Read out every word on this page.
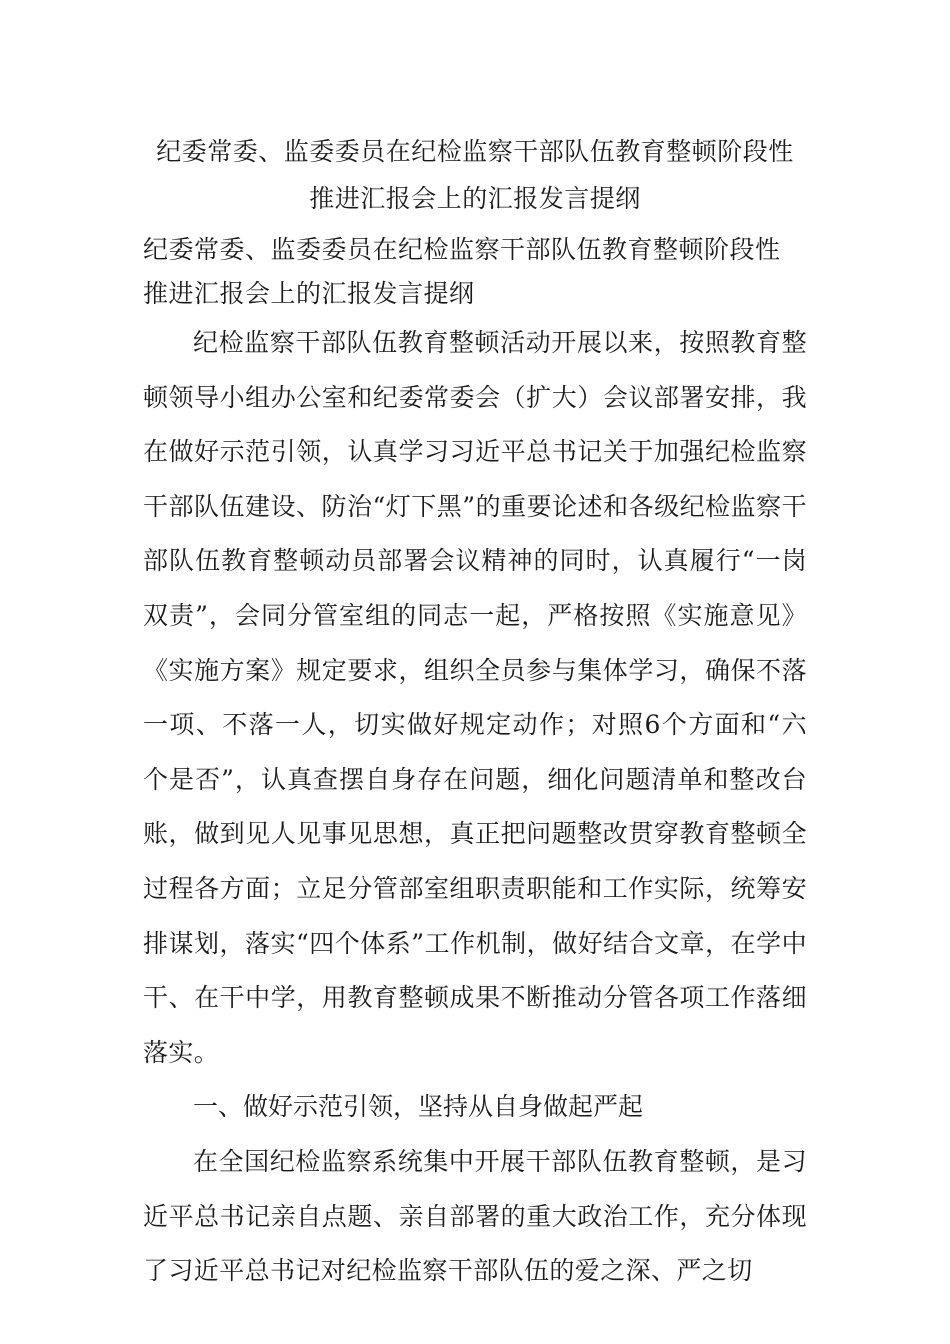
纪委常委、监委委员在纪检监察干部队伍教育整顿阶段性
推进汇报会上的汇报发言提纲
纪委常委、监委委员在纪检监察干部队伍教育整顿阶段性
推进汇报会上的汇报发言提纲

纪检监察干部队伍教育整顿活动开展以来，按照教育整顿领导小组办公室和纪委常委会（扩大）会议部署安排，我在做好示范引领，认真学习习近平总书记关于加强纪检监察干部队伍建设、防治“灯下黑”的重要论述和各级纪检监察干部队伍教育整顿动员部署会议精神的同时，认真履行“一岗双责”，会同分管室组的同志一起，严格按照《实施意见》《实施方案》规定要求，组织全员参与集体学习，确保不落一项、不落一人，切实做好规定动作；对照6个方面和“六个是否”，认真查摆自身存在问题，细化问题清单和整改台账，做到见人见事见思想，真正把问题整改贯穿教育整顿全过程各方面；立足分管部室组职责职能和工作实际，统筹安排谋划，落实“四个体系”工作机制，做好结合文章，在学中干、在干中学，用教育整顿成果不断推动分管各项工作落细落实。

一、做好示范引领，坚持从自身做起严起

在全国纪检监察系统集中开展干部队伍教育整顿，是习近平总书记亲自点题、亲自部署的重大政治工作，充分体现了习近平总书记对纪检监察干部队伍的爱之深、严之切
